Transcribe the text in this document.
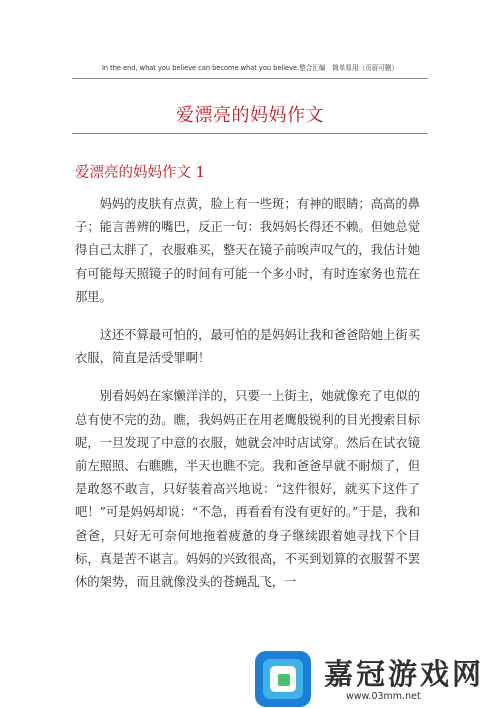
In the end, what you believe can become what you believe.整合汇编　简单易用（页眉可删）
爱漂亮的妈妈作文
爱漂亮的妈妈作文 1

妈妈的皮肤有点黄，脸上有一些斑；有神的眼睛；高高的鼻子；能言善辨的嘴巴，反正一句：我妈妈长得还不赖。但她总觉得自己太胖了，衣服难买，整天在镜子前唉声叹气的，我估计她有可能每天照镜子的时间有可能一个多小时，有时连家务也荒在那里。

这还不算最可怕的，最可怕的是妈妈让我和爸爸陪她上街买衣服，简直是活受罪啊！

别看妈妈在家懒洋洋的，只要一上街主，她就像充了电似的总有使不完的劲。瞧，我妈妈正在用老鹰般锐利的目光搜索目标呢，一旦发现了中意的衣服，她就会冲时店试穿。然后在试衣镜前左照照、右瞧瞧，半天也瞧不完。我和爸爸早就不耐烦了，但是敢怒不敢言，只好装着高兴地说：“这件很好，就买下这件了吧！”可是妈妈却说：“不急，再看看有没有更好的。”于是，我和爸爸，只好无可奈何地拖着疲惫的身子继续跟着她寻找下个目标，真是苦不谌言。妈妈的兴致很高，不买到划算的衣服誓不罢休的架势，而且就像没头的苍蝇乱飞，一

嘉冠游戏网
www.03mm.net
